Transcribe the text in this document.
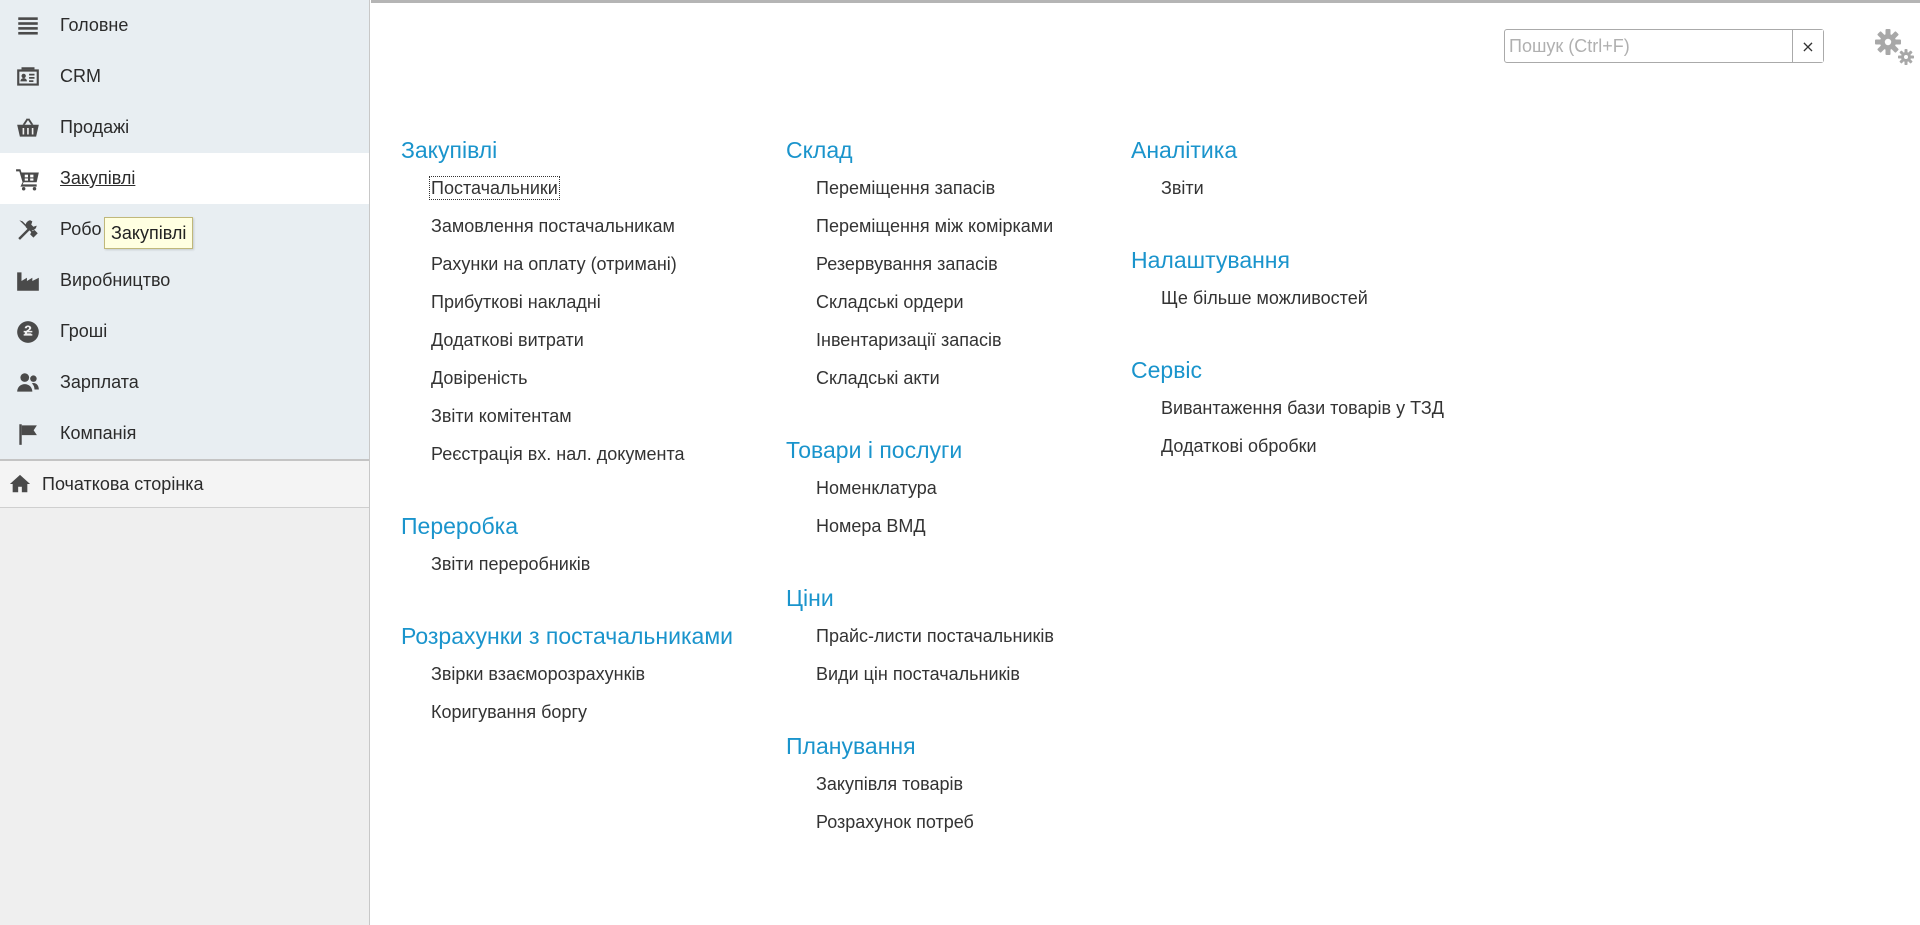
Головне
CRM
Продажі
Закупівлі
Робо
Виробництво
Гроші
Зарплата
Компанія
Початкова сторінка
Закупівлі
Пошук (Ctrl+F)
×
Закупівлі
Постачальники
Замовлення постачальникам
Рахунки на оплату (отримані)
Прибуткові накладні
Додаткові витрати
Довіреність
Звіти комітентам
Реєстрація вх. нал. документа
Переробка
Звіти переробників
Розрахунки з постачальниками
Звірки взаєморозрахунків
Коригування боргу
Склад
Переміщення запасів
Переміщення між комірками
Резервування запасів
Складські ордери
Інвентаризації запасів
Складські акти
Товари і послуги
Номенклатура
Номера ВМД
Ціни
Прайс-листи постачальників
Види цін постачальників
Планування
Закупівля товарів
Розрахунок потреб
Аналітика
Звіти
Налаштування
Ще більше можливостей
Сервіс
Вивантаження бази товарів у ТЗД
Додаткові обробки
